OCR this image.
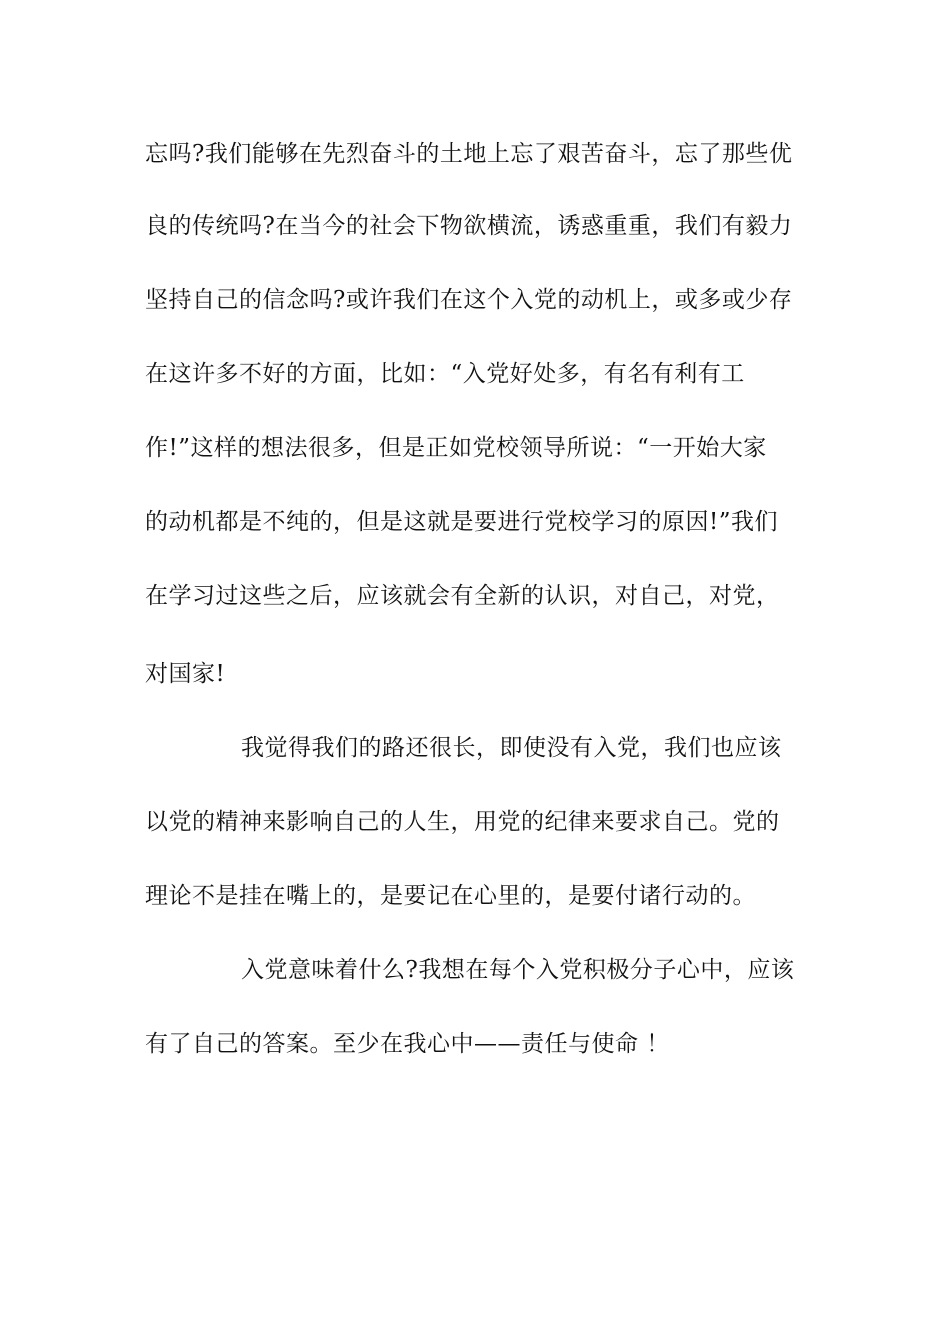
忘吗?我们能够在先烈奋斗的土地上忘了艰苦奋斗，忘了那些优
良的传统吗?在当今的社会下物欲横流，诱惑重重，我们有毅力
坚持自己的信念吗?或许我们在这个入党的动机上，或多或少存
在这许多不好的方面，比如：“入党好处多，有名有利有工
作!”这样的想法很多，但是正如党校领导所说：“一开始大家
的动机都是不纯的，但是这就是要进行党校学习的原因!”我们
在学习过这些之后，应该就会有全新的认识，对自己，对党，
对国家!
我觉得我们的路还很长，即使没有入党，我们也应该
以党的精神来影响自己的人生，用党的纪律来要求自己。党的
理论不是挂在嘴上的，是要记在心里的，是要付诸行动的。
入党意味着什么?我想在每个入党积极分子心中，应该
有了自己的答案。至少在我心中——责任与使命 ！
